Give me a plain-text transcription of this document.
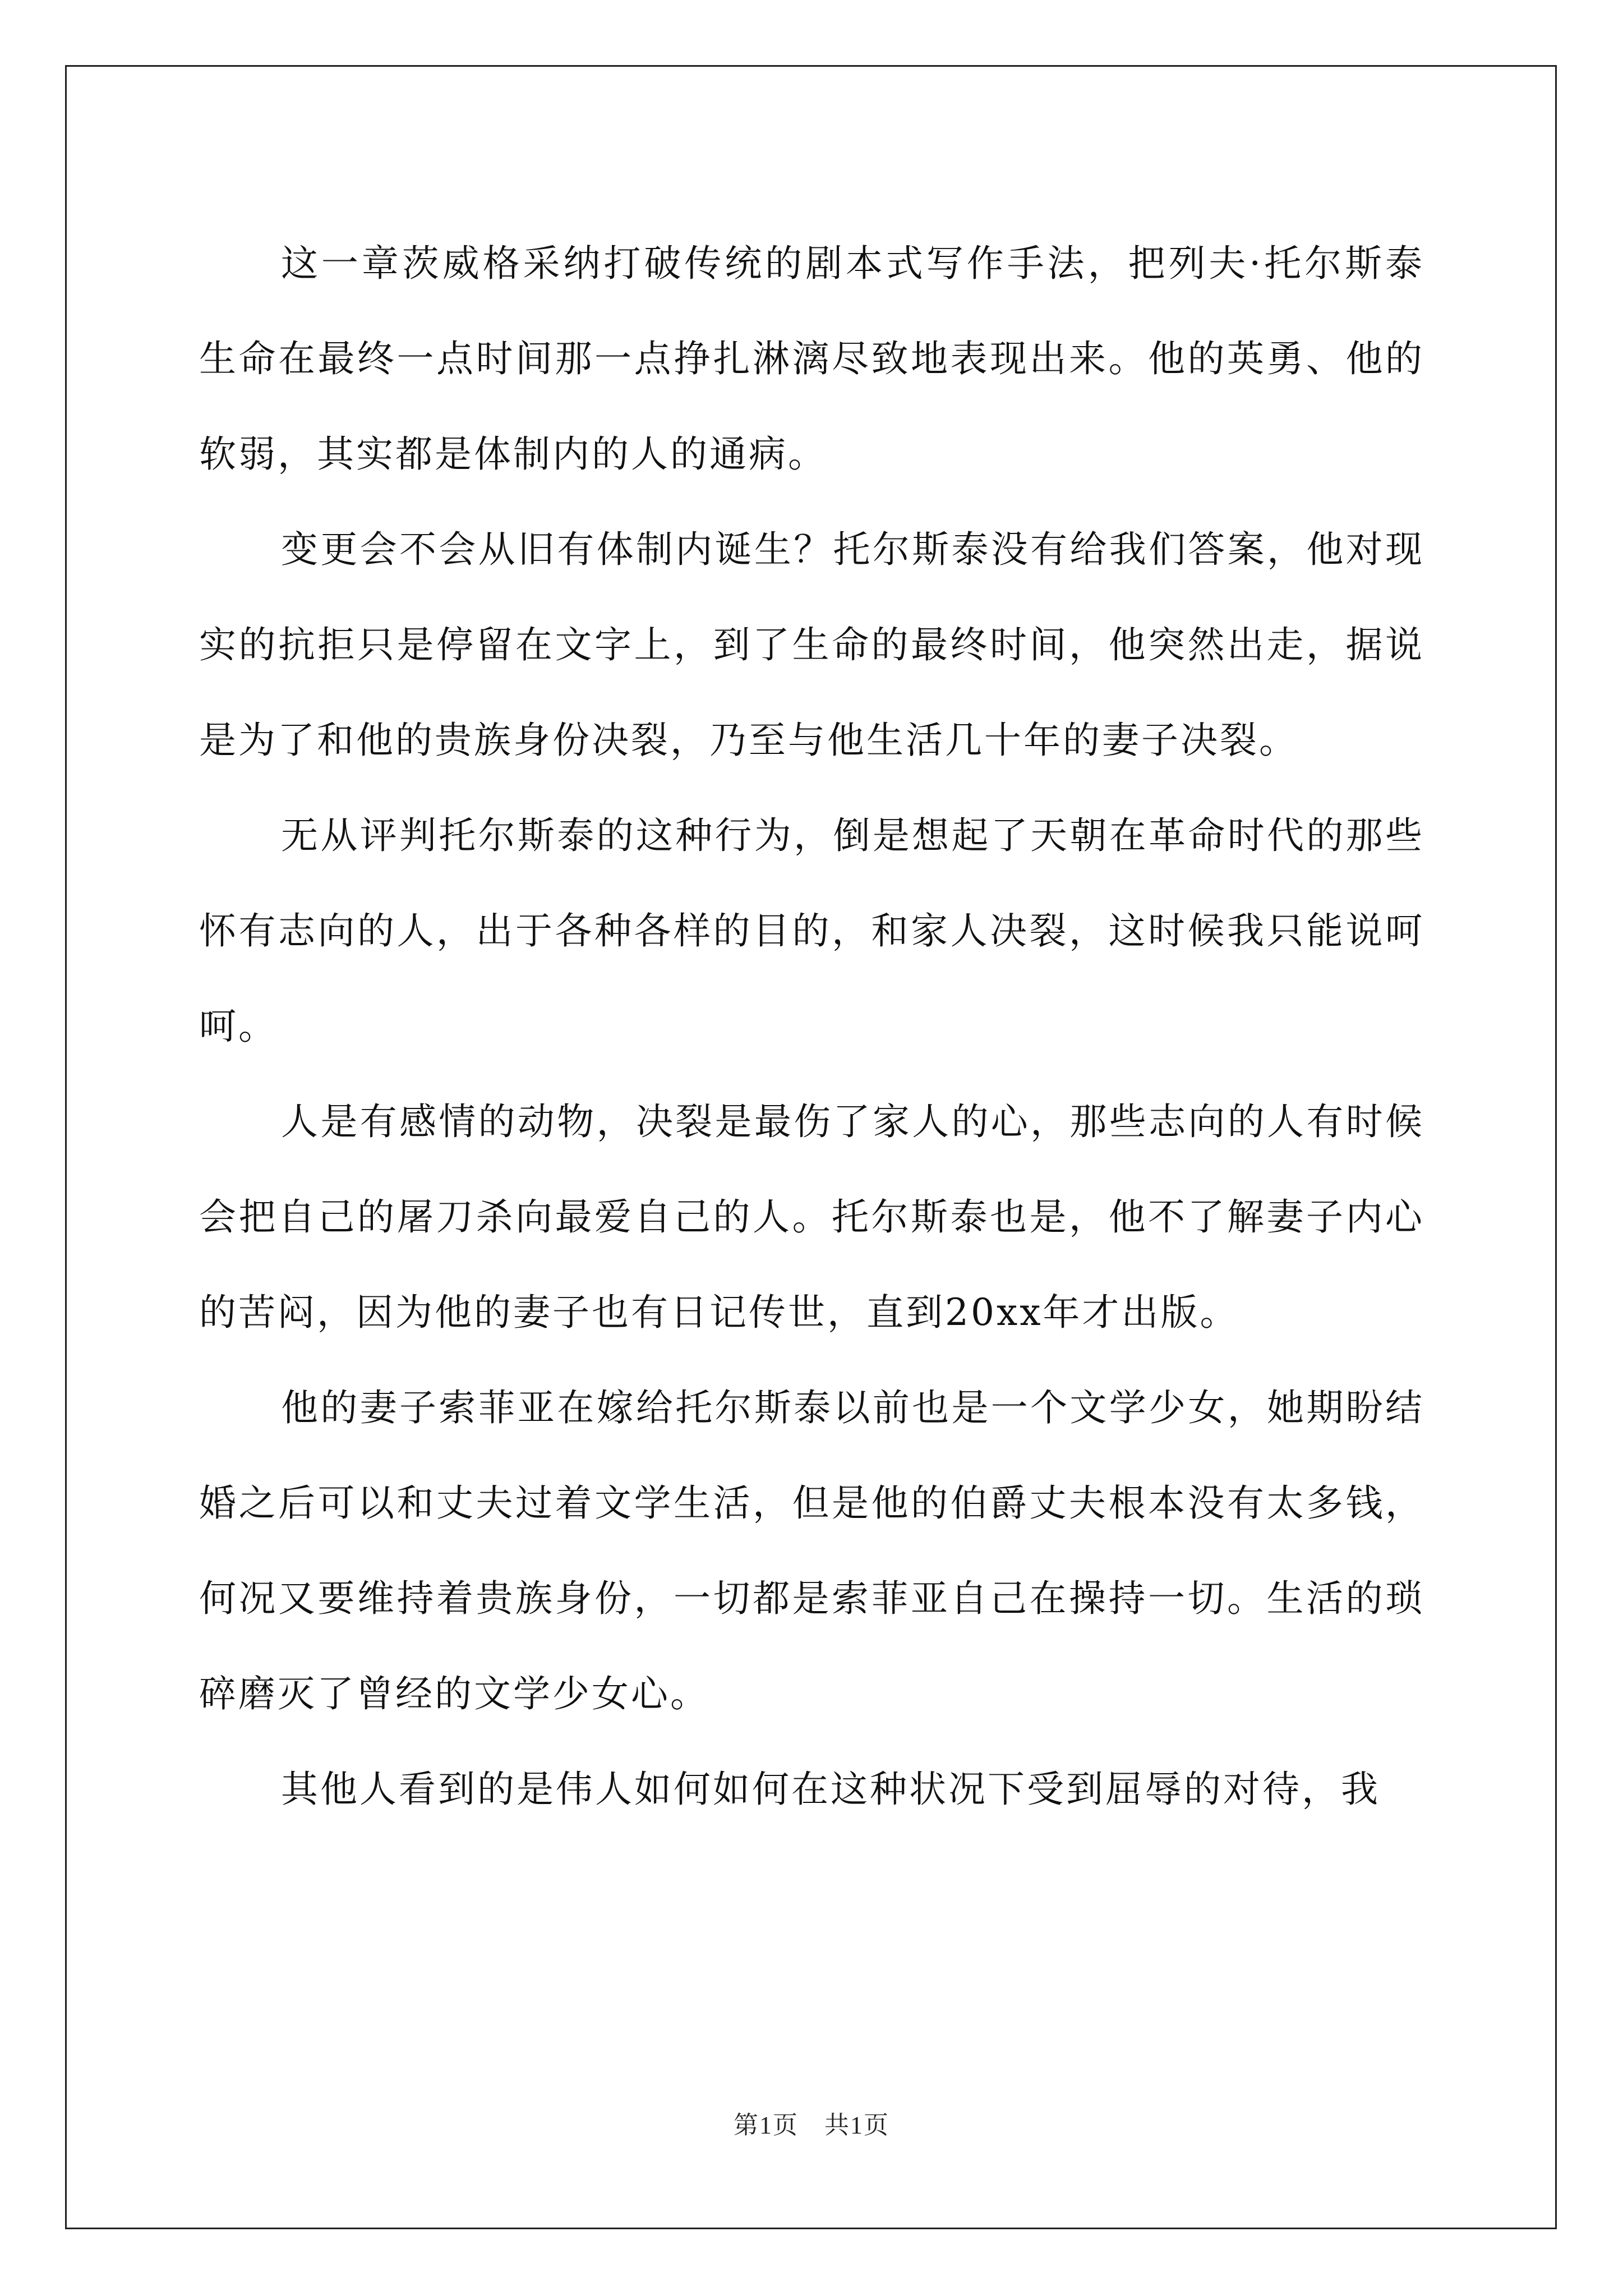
这一章茨威格采纳打破传统的剧本式写作手法，把列夫·托尔斯泰生命在最终一点时间那一点挣扎淋漓尽致地表现出来。他的英勇、他的软弱，其实都是体制内的人的通病。

变更会不会从旧有体制内诞生？托尔斯泰没有给我们答案，他对现实的抗拒只是停留在文字上，到了生命的最终时间，他突然出走，据说是为了和他的贵族身份决裂，乃至与他生活几十年的妻子决裂。

无从评判托尔斯泰的这种行为，倒是想起了天朝在革命时代的那些怀有志向的人，出于各种各样的目的，和家人决裂，这时候我只能说呵呵。

人是有感情的动物，决裂是最伤了家人的心，那些志向的人有时候会把自己的屠刀杀向最爱自己的人。托尔斯泰也是，他不了解妻子内心的苦闷，因为他的妻子也有日记传世，直到20xx年才出版。

他的妻子索菲亚在嫁给托尔斯泰以前也是一个文学少女，她期盼结婚之后可以和丈夫过着文学生活，但是他的伯爵丈夫根本没有太多钱，何况又要维持着贵族身份，一切都是索菲亚自己在操持一切。生活的琐碎磨灭了曾经的文学少女心。

其他人看到的是伟人如何如何在这种状况下受到屈辱的对待，我

第1页　共1页
